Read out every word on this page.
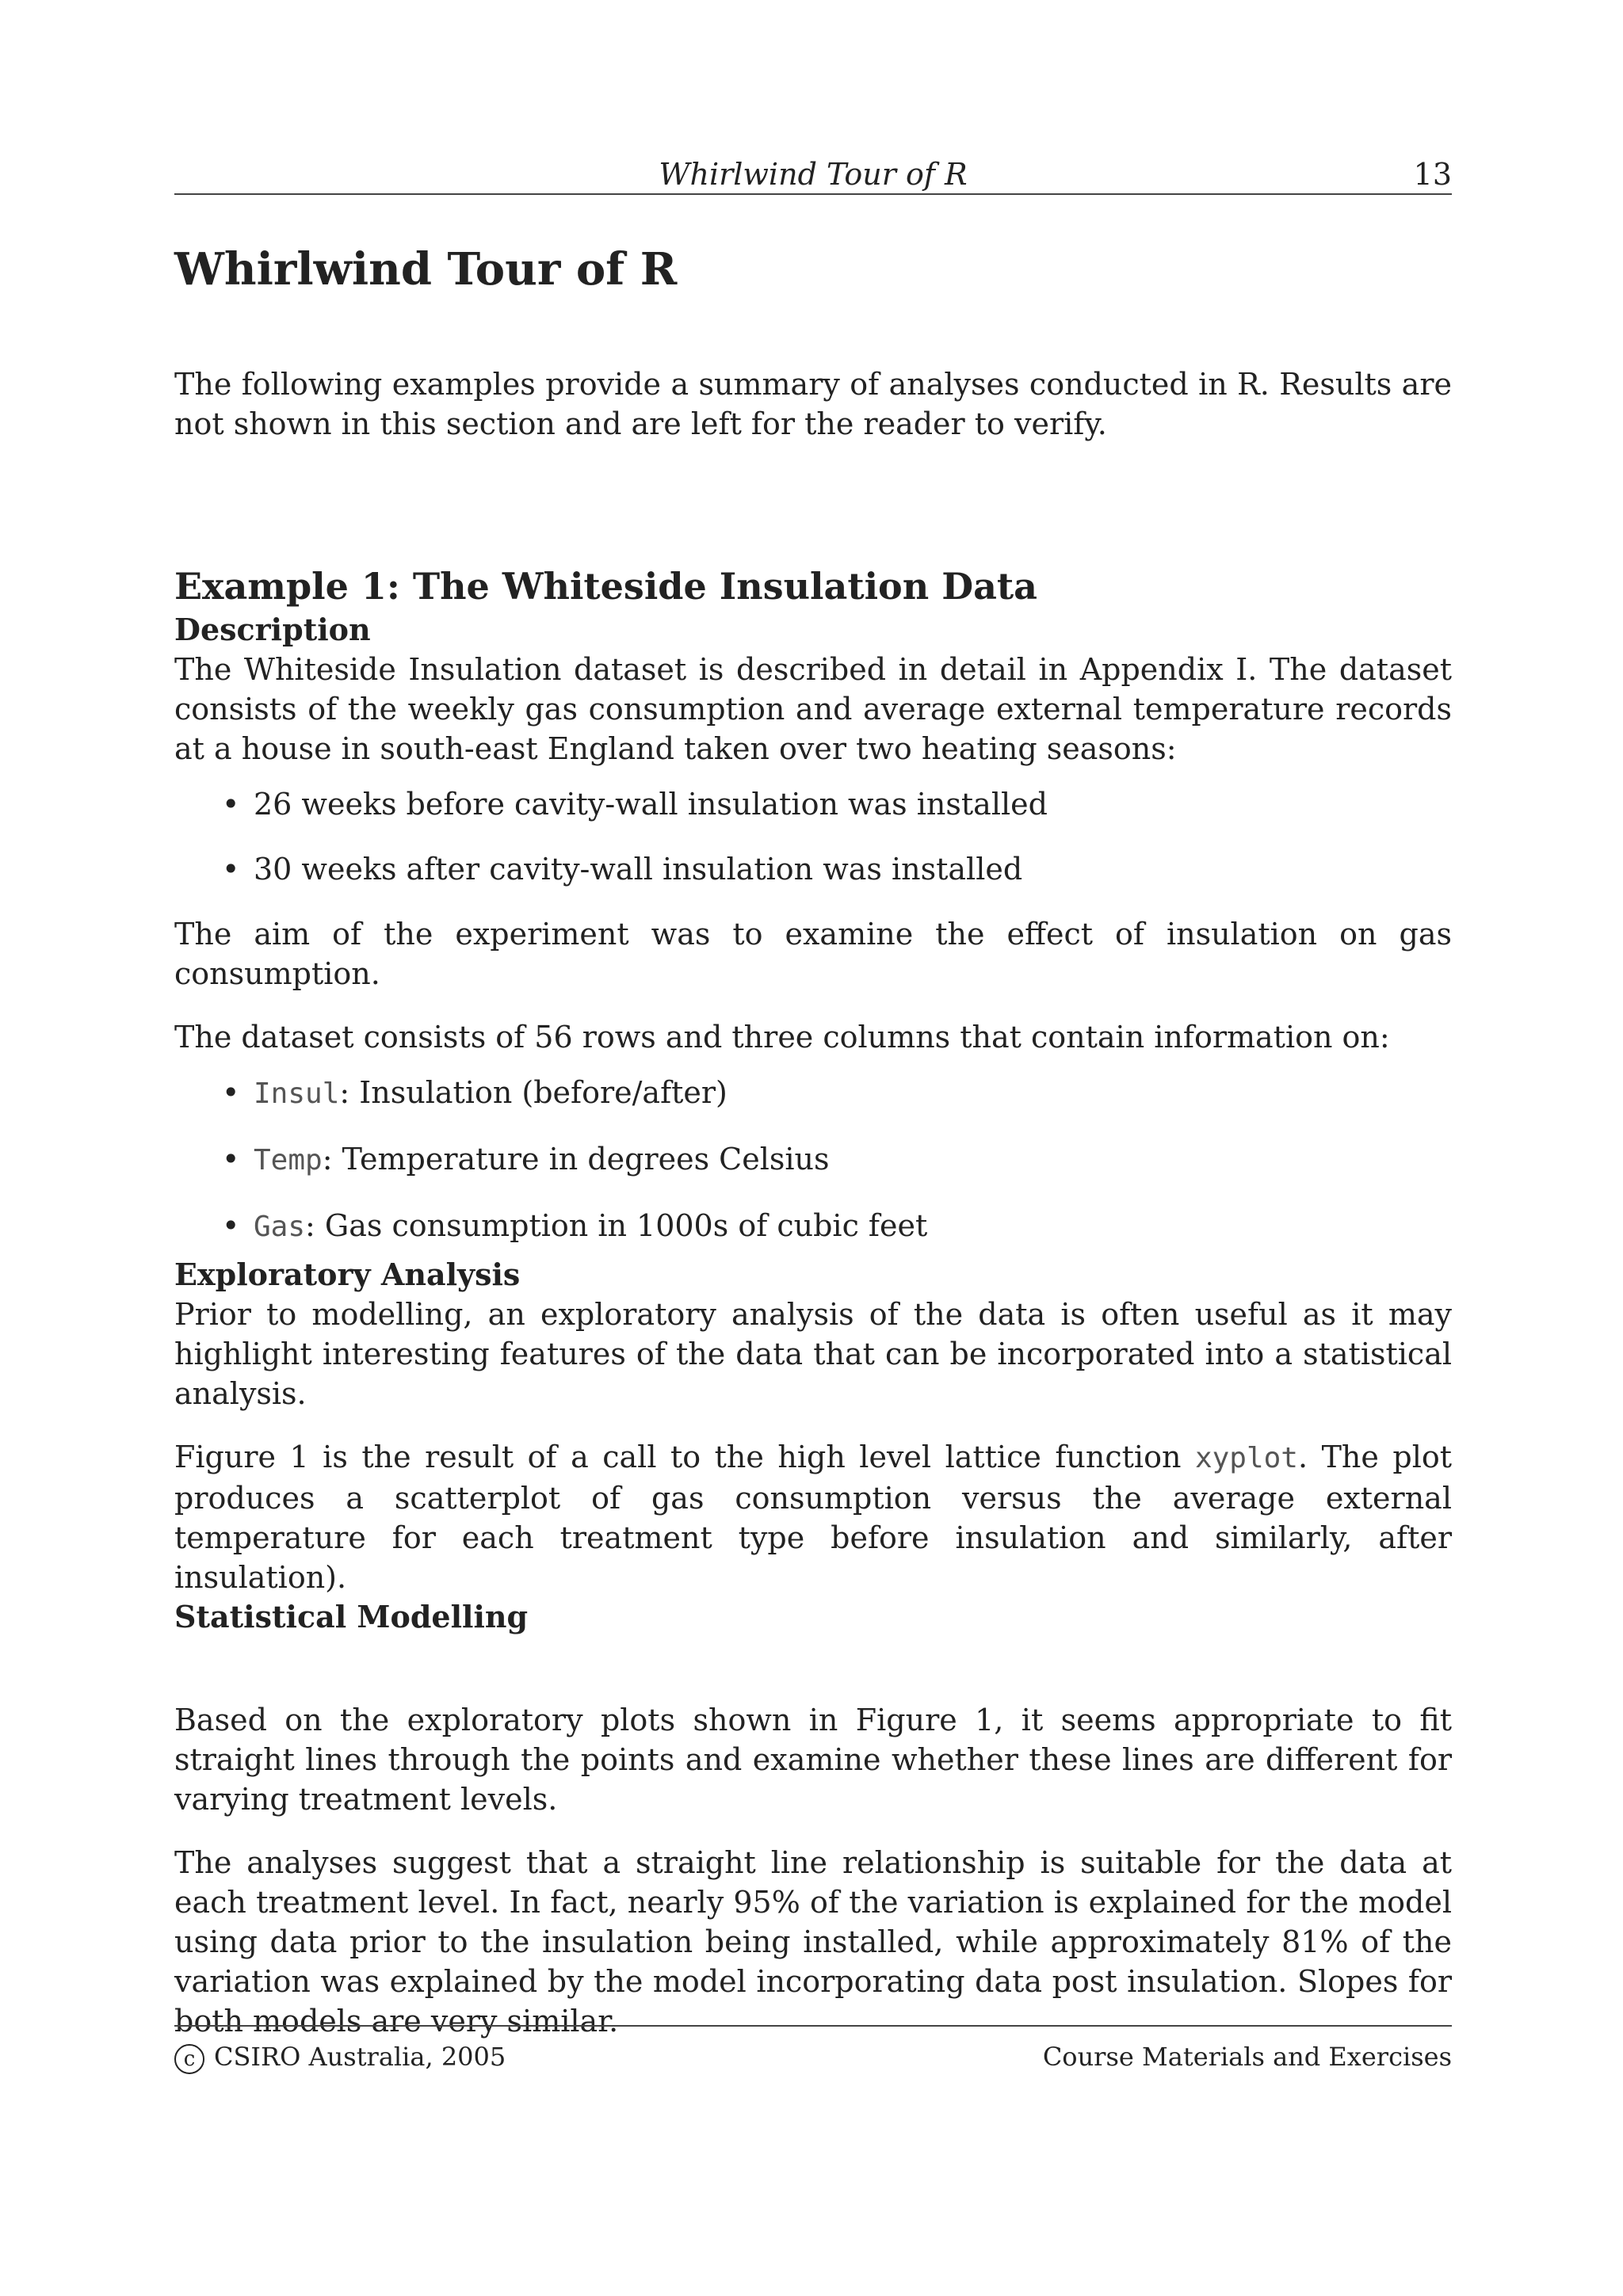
Whirlwind Tour of R	13
Whirlwind Tour of R

The following examples provide a summary of analyses conducted in R. Results are not shown in this section and are left for the reader to verify.

Example 1: The Whiteside Insulation Data
Description

The Whiteside Insulation dataset is described in detail in Appendix I. The dataset consists of the weekly gas consumption and average external temperature records at a house in south-east England taken over two heating seasons:

• 26 weeks before cavity-wall insulation was installed
• 30 weeks after cavity-wall insulation was installed

The aim of the experiment was to examine the effect of insulation on gas consumption.

The dataset consists of 56 rows and three columns that contain information on:

• Insul: Insulation (before/after)
• Temp: Temperature in degrees Celsius
• Gas: Gas consumption in 1000s of cubic feet
Exploratory Analysis

Prior to modelling, an exploratory analysis of the data is often useful as it may highlight interesting features of the data that can be incorporated into a statistical analysis.

Figure 1 is the result of a call to the high level lattice function xyplot. The plot produces a scatterplot of gas consumption versus the average external temperature for each treatment type before insulation and similarly, after insulation).

Statistical Modelling

Based on the exploratory plots shown in Figure 1, it seems appropriate to fit straight lines through the points and examine whether these lines are different for varying treatment levels.

The analyses suggest that a straight line relationship is suitable for the data at each treatment level. In fact, nearly 95% of the variation is explained for the model using data prior to the insulation being installed, while approximately 81% of the variation was explained by the model incorporating data post insulation. Slopes for both models are very similar.

c CSIRO Australia, 2005	Course Materials and Exercises
